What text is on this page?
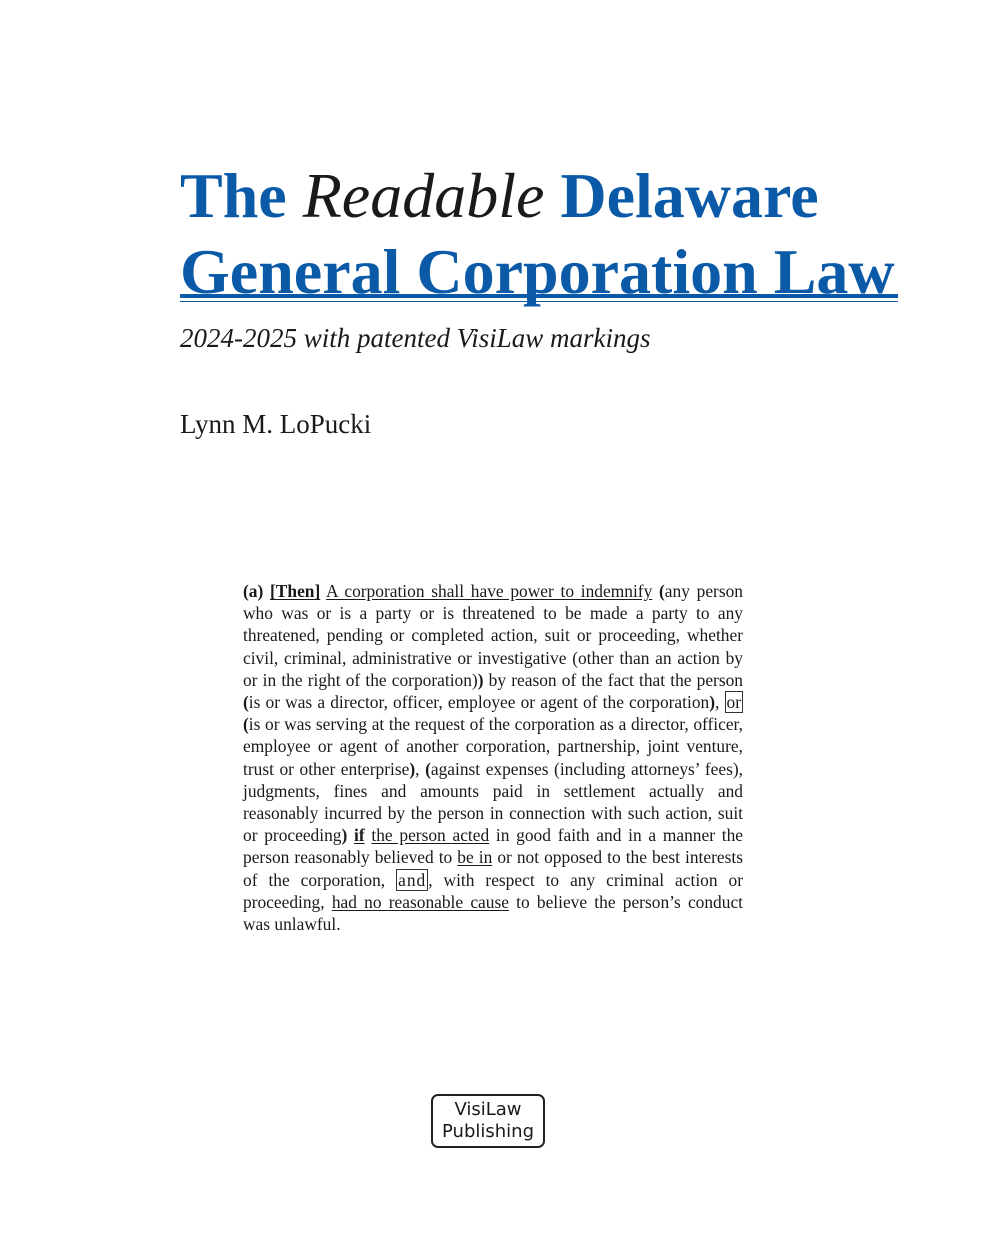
The Readable Delaware
General Corporation Law
2024-2025 with patented VisiLaw markings
Lynn M. LoPucki
(a) [Then] A corporation shall have power to indemnify (any person who was or is a party or is threatened to be made a party to any threatened, pending or completed action, suit or proceeding, whether civil, criminal, administrative or investigative (other than an action by or in the right of the corporation)) by reason of the fact that the person (is or was a director, officer, employee or agent of the corporation), or (is or was serving at the request of the corporation as a director, officer, employee or agent of another corporation, partnership, joint venture, trust or other enterprise), (against expenses (including attorneys’ fees), judgments, fines and amounts paid in settlement actually and reasonably incurred by the person in connection with such action, suit or proceeding) if the person acted in good faith and in a manner the person reasonably believed to be in or not opposed to the best interests of the corporation, and , with respect to any criminal action or proceeding, had no reasonable cause to believe the person’s conduct was unlawful.
VisiLaw
Publishing
